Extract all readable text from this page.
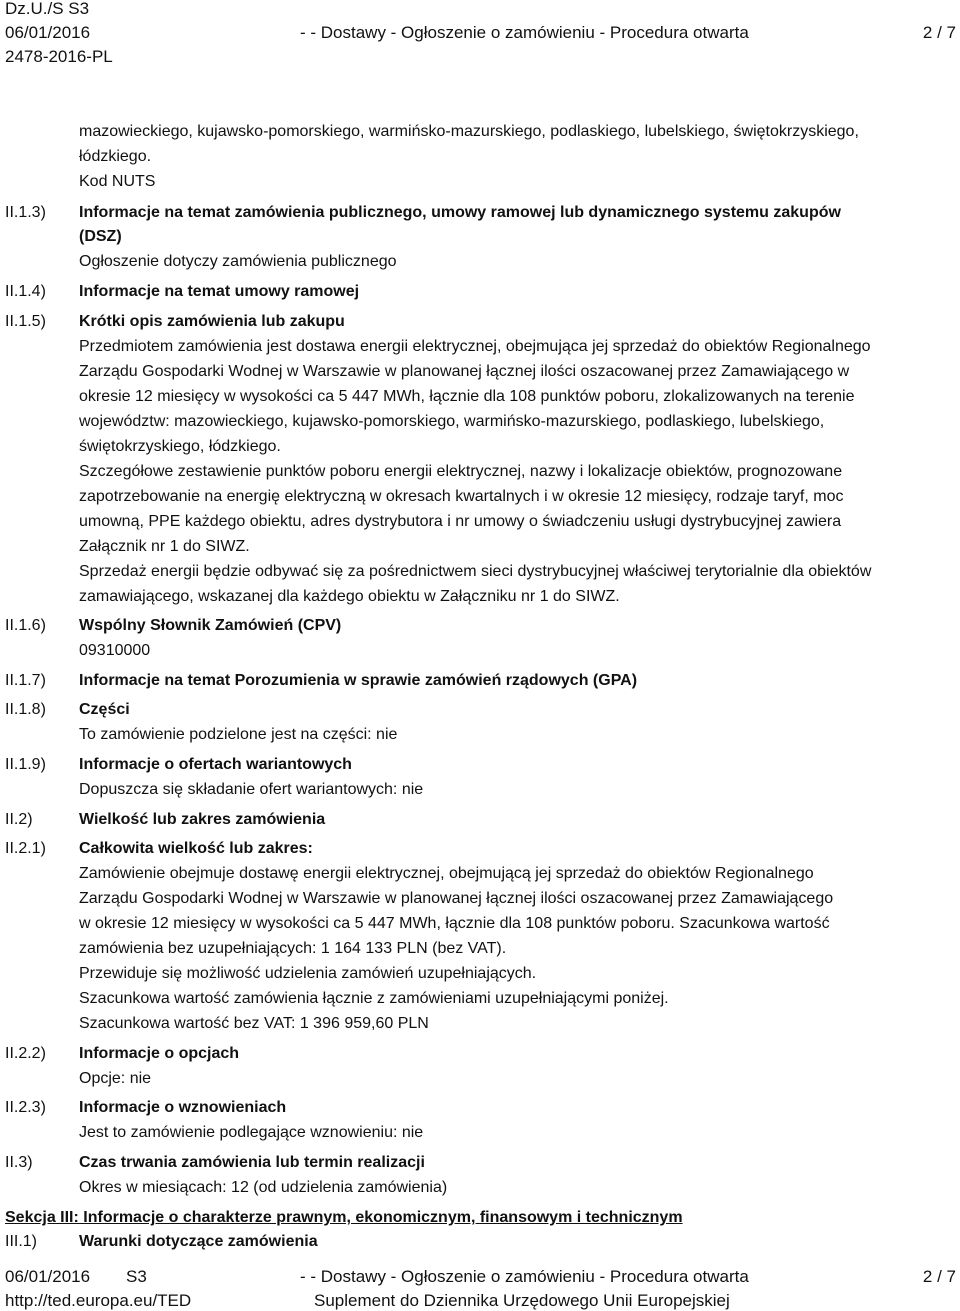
Dz.U./S S3
06/01/2016	- - Dostawy - Ogłoszenie o zamówieniu - Procedura otwarta	2 / 7
2478-2016-PL
mazowieckiego, kujawsko-pomorskiego, warmińsko-mazurskiego, podlaskiego, lubelskiego, świętokrzyskiego,
łódzkiego.
Kod NUTS
II.1.3) Informacje na temat zamówienia publicznego, umowy ramowej lub dynamicznego systemu zakupów
(DSZ)
Ogłoszenie dotyczy zamówienia publicznego
II.1.4) Informacje na temat umowy ramowej
II.1.5) Krótki opis zamówienia lub zakupu
Przedmiotem zamówienia jest dostawa energii elektrycznej, obejmująca jej sprzedaż do obiektów Regionalnego
Zarządu Gospodarki Wodnej w Warszawie w planowanej łącznej ilości oszacowanej przez Zamawiającego w
okresie 12 miesięcy w wysokości ca 5 447 MWh, łącznie dla 108 punktów poboru, zlokalizowanych na terenie
województw: mazowieckiego, kujawsko-pomorskiego, warmińsko-mazurskiego, podlaskiego, lubelskiego,
świętokrzyskiego, łódzkiego.
Szczegółowe zestawienie punktów poboru energii elektrycznej, nazwy i lokalizacje obiektów, prognozowane
zapotrzebowanie na energię elektryczną w okresach kwartalnych i w okresie 12 miesięcy, rodzaje taryf, moc
umowną, PPE każdego obiektu, adres dystrybutora i nr umowy o świadczeniu usługi dystrybucyjnej zawiera
Załącznik nr 1 do SIWZ.
Sprzedaż energii będzie odbywać się za pośrednictwem sieci dystrybucyjnej właściwej terytorialnie dla obiektów
zamawiającego, wskazanej dla każdego obiektu w Załączniku nr 1 do SIWZ.
II.1.6) Wspólny Słownik Zamówień (CPV)
09310000
II.1.7) Informacje na temat Porozumienia w sprawie zamówień rządowych (GPA)
II.1.8) Części
To zamówienie podzielone jest na części: nie
II.1.9) Informacje o ofertach wariantowych
Dopuszcza się składanie ofert wariantowych: nie
II.2)	Wielkość lub zakres zamówienia
II.2.1) Całkowita wielkość lub zakres:
Zamówienie obejmuje dostawę energii elektrycznej, obejmującą jej sprzedaż do obiektów Regionalnego
Zarządu Gospodarki Wodnej w Warszawie w planowanej łącznej ilości oszacowanej przez Zamawiającego
w okresie 12 miesięcy w wysokości ca 5 447 MWh, łącznie dla 108 punktów poboru. Szacunkowa wartość
zamówienia bez uzupełniających: 1 164 133 PLN (bez VAT).
Przewiduje się możliwość udzielenia zamówień uzupełniających.
Szacunkowa wartość zamówienia łącznie z zamówieniami uzupełniającymi poniżej.
Szacunkowa wartość bez VAT: 1 396 959,60 PLN
II.2.2) Informacje o opcjach
Opcje: nie
II.2.3) Informacje o wznowieniach
Jest to zamówienie podlegające wznowieniu: nie
II.3)	Czas trwania zamówienia lub termin realizacji
Okres w miesiącach: 12 (od udzielenia zamówienia)
Sekcja III: Informacje o charakterze prawnym, ekonomicznym, finansowym i technicznym
III.1)	Warunki dotyczące zamówienia
06/01/2016 S3	- - Dostawy - Ogłoszenie o zamówieniu - Procedura otwarta	2 / 7
http://ted.europa.eu/TED	Suplement do Dziennika Urzędowego Unii Europejskiej
